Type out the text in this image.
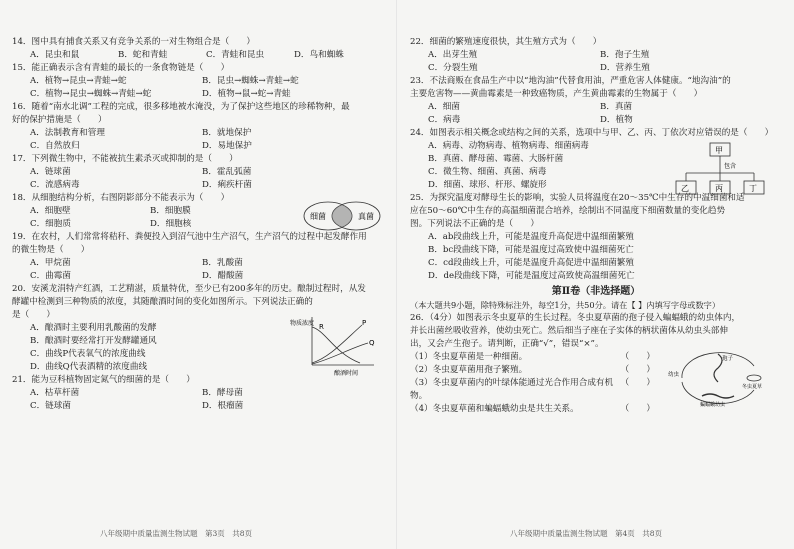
14．图中具有捕食关系又有竞争关系的一对生物组合是（　　）

A．昆虫和鼠	B．蛇和青蛙	C．青蛙和昆虫	D．鸟和蜘蛛

15．能正确表示含有青蛙的最长的一条食物链是（　　）

A．植物→昆虫→青蛙→蛇	B．昆虫→蜘蛛→青蛙→蛇
C．植物→昆虫→蜘蛛→青蛙→蛇	D．植物→鼠→蛇→青蛙

16．随着“南水北调”工程的完成，很多移地被水淹没，为了保护这些地区的珍稀物种，最

好的保护措施是（　　）

A．法制教育和管理	B．就地保护
C．自然放归	D．易地保护

17．下列微生物中，不能被抗生素杀灭或抑制的是（　　）

A．链球菌	B．霍乱弧菌
C．流感病毒	D．痢疾杆菌

18．从细胞结构分析，右图阴影部分不能表示为（　　）

A．细胞壁	B．细胞膜
C．细胞质	D．细胞核
细菌	真菌

19．在农村，人们常常将秸秆、粪便投入到沼气池中生产沼气，生产沼气的过程中起发酵作用

的微生物是（　　）

A．甲烷菌	B．乳酸菌
C．曲霉菌	D．醋酸菌

20．安溪龙涓特产红酒，工艺精湛，质量特优，至少已有200多年的历史。酿制过程时，从发

酵罐中检测到三种物质的浓度，其随酿酒时间的变化如图所示。下列说法正确的

是（　　）

A．酿酒时主要利用乳酸菌的发酵
B．酿酒时要经常打开发酵罐通风
C．曲线P代表氧气的浓度曲线
D．曲线Q代表酒精的浓度曲线
R	P
Q
物质浓度
酿酒时间

21．能为豆科植物固定氮气的细菌的是（　　）

A．枯草杆菌	B．酵母菌
C．链球菌	D．根瘤菌
八年级期中质量监测生物试题　第3页　共8页

22．细菌的繁殖速度很快，其生殖方式为（　　）

A．出芽生殖	B．孢子生殖
C．分裂生殖	D．营养生殖

23．不法商贩在食品生产中以“地沟油”代替食用油，严重危害人体健康。“地沟油”的

主要危害物——黄曲霉素是一种致癌物质，产生黄曲霉素的生物属于（　　）

A．细菌	B．真菌
C．病毒	D．植物

24．如图表示相关概念或结构之间的关系，选项中与甲、乙、丙、丁依次对应错误的是（　　）

A．病毒、动物病毒、植物病毒、细菌病毒
B．真菌、酵母菌、霉菌、大肠杆菌
C．微生物、细菌、真菌、病毒
D．细菌、球形、杆形、螺旋形
甲
包含
乙	丙	丁

25．为探究温度对酵母生长的影响，实验人员将温度在20～35℃中生存的中温细菌和适

应在50～60℃中生存的高温细菌混合培养，绘制出不同温度下细菌数量的变化趋势

图。下列说法不正确的是（　　）

A．ab段曲线上升，可能是温度升高促进中温细菌繁殖
B．bc段曲线下降，可能是温度过高致使中温细菌死亡
C．cd段曲线上升，可能是温度升高促进中温细菌繁殖
D．de段曲线下降，可能是温度过高致使高温细菌死亡
第Ⅱ卷（非选择题）

（本大题共9小题，除特殊标注外，每空1分，共50分。请在【 】内填写字母或数字）

26．（4分）如图表示冬虫夏草的生长过程。冬虫夏草菌的孢子侵入蝙蝠蛾的幼虫体内，

并长出菌丝吸收营养，使幼虫死亡。然后细当子座在子实体的柄状菌体从幼虫头部伸

出，又会产生孢子。请判断，正确“√”，错误“×”。

（1）冬虫夏草菌是一种细菌。	（　　）
（2）冬虫夏草菌用孢子繁殖。	（　　）
（3）冬虫夏草菌内的叶绿体能通过光合作用合成有机物。
（　　）
（4）冬虫夏草菌和蝙蝠蛾幼虫是共生关系。	（　　）
孢子
幼虫
冬虫夏草
蝙蝠蛾幼虫
八年级期中质量监测生物试题　第4页　共8页
